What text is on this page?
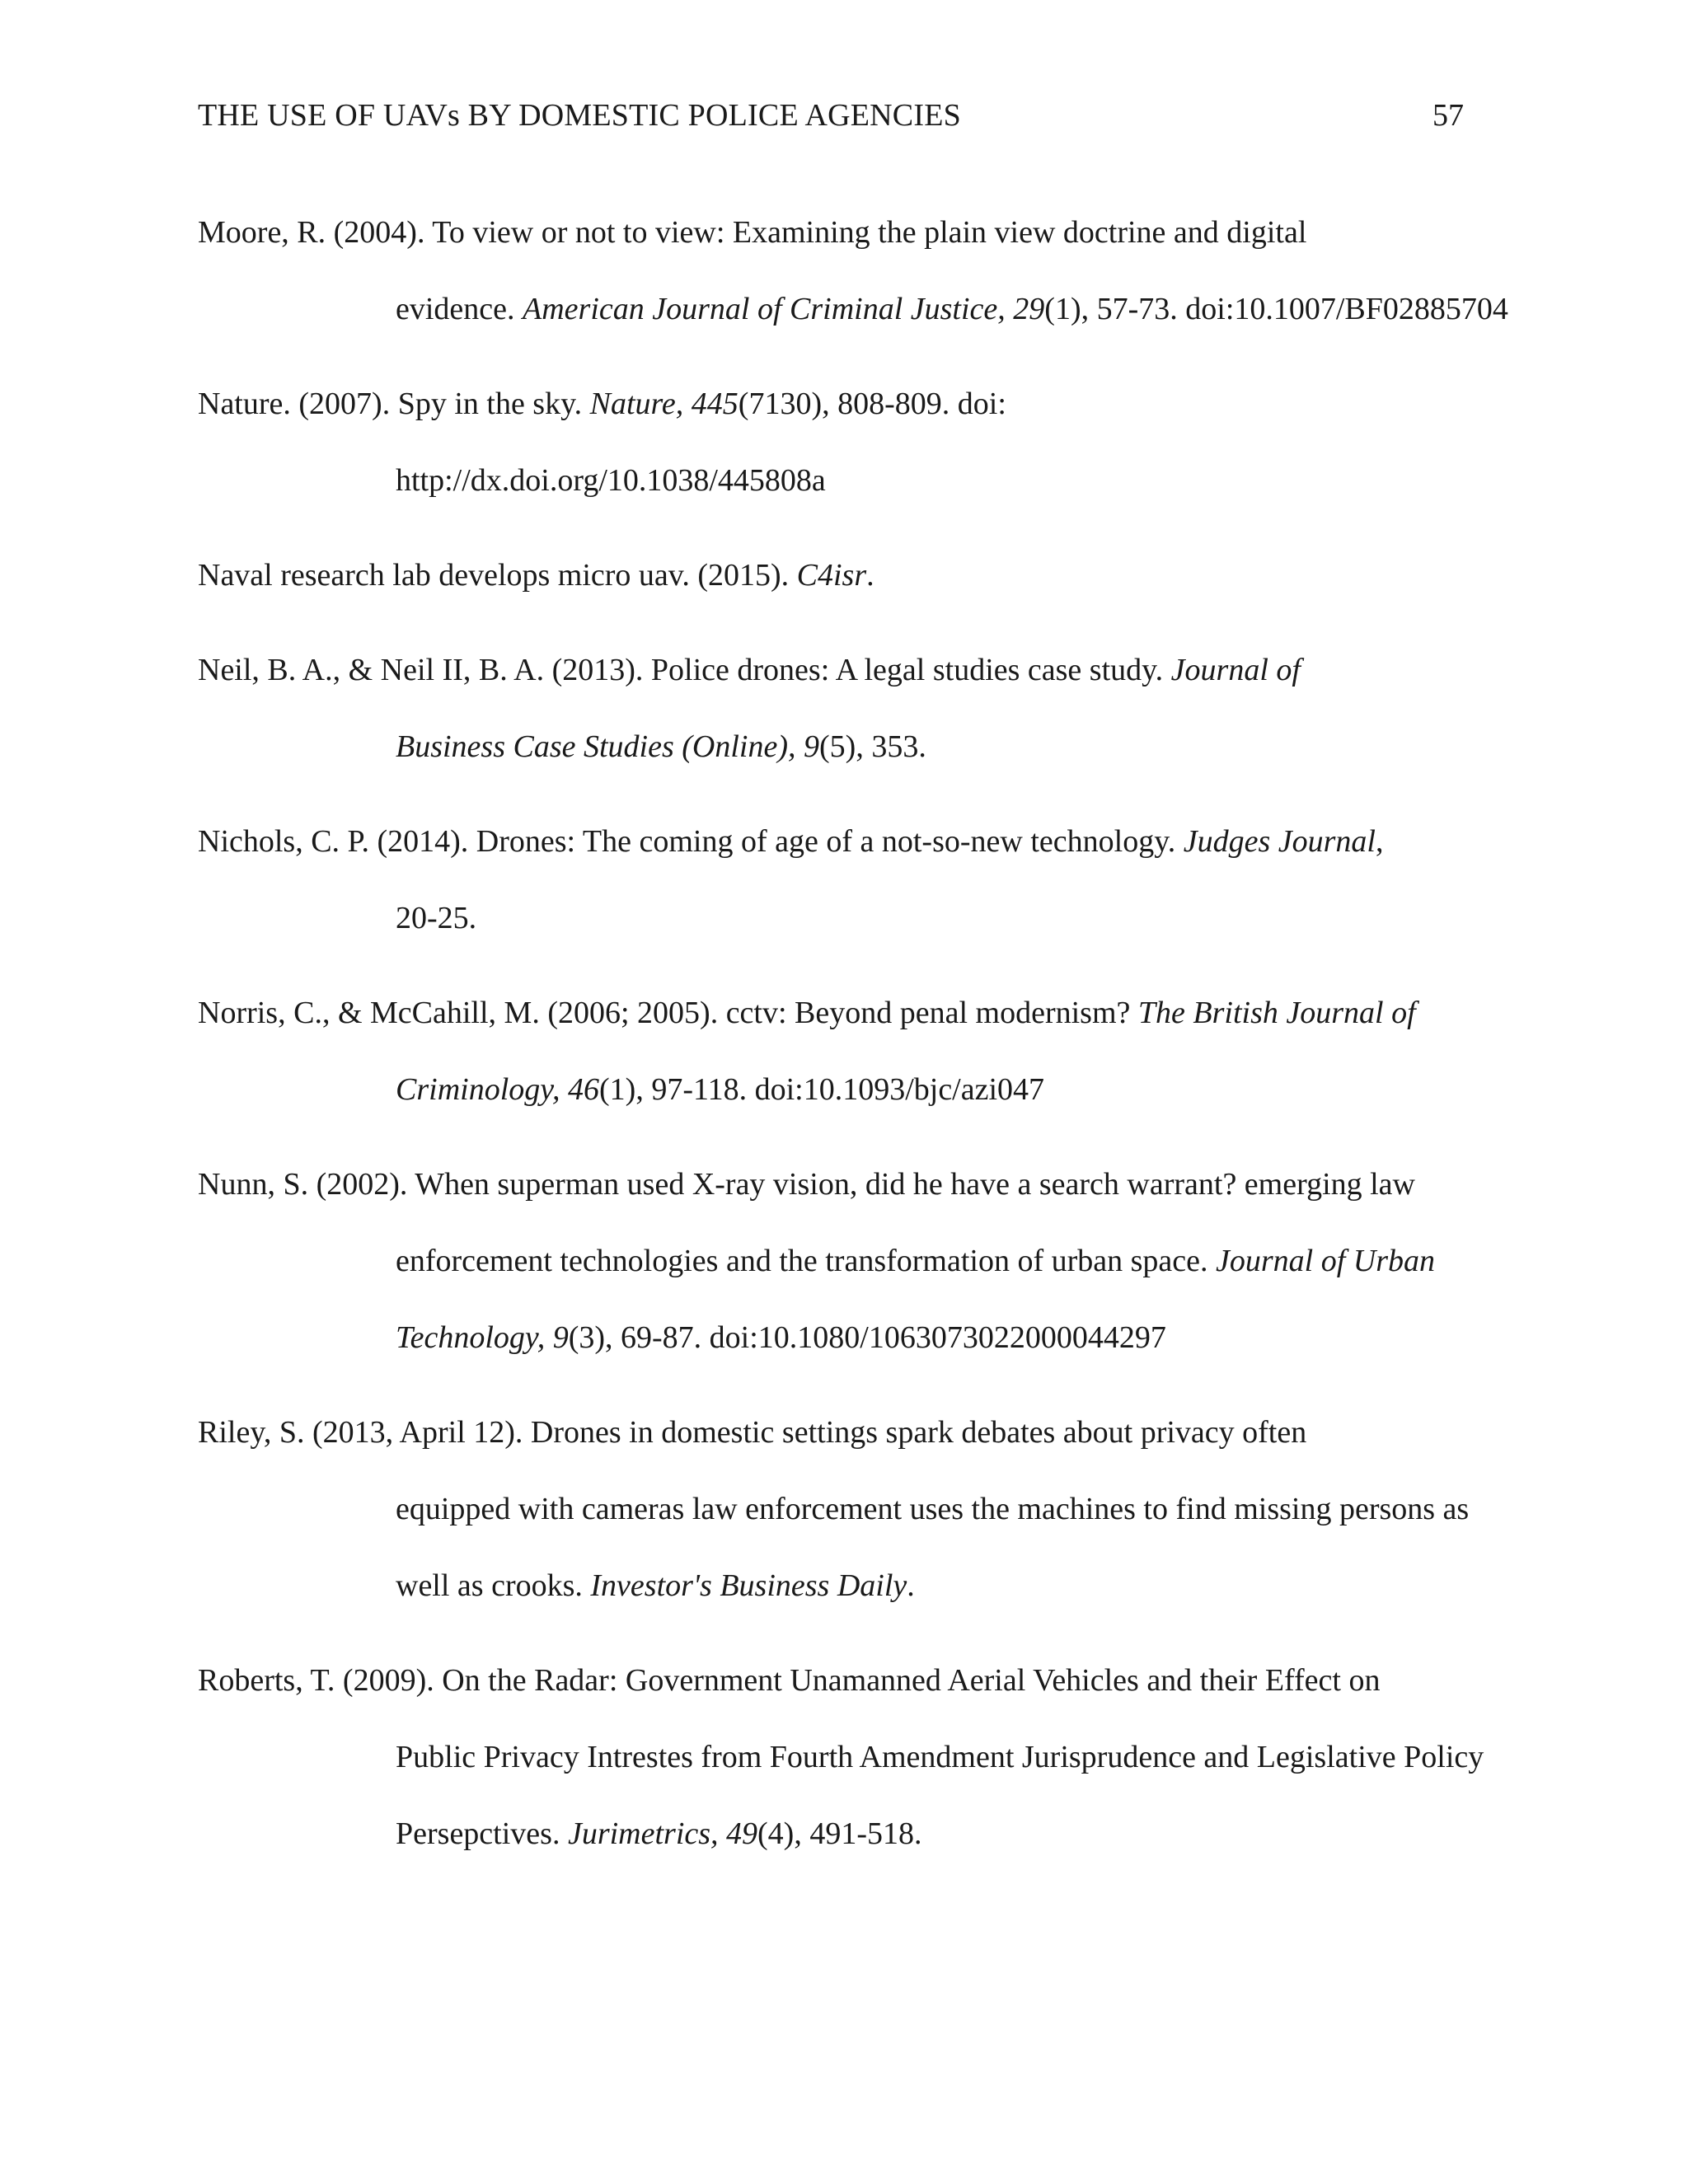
THE USE OF UAVs BY DOMESTIC POLICE AGENCIES	57
Moore, R. (2004). To view or not to view: Examining the plain view doctrine and digital
evidence. American Journal of Criminal Justice, 29(1), 57-73. doi:10.1007/BF02885704
Nature. (2007). Spy in the sky. Nature, 445(7130), 808-809. doi:
http://dx.doi.org/10.1038/445808a
Naval research lab develops micro uav. (2015). C4isr.
Neil, B. A., & Neil II, B. A. (2013). Police drones: A legal studies case study. Journal of
Business Case Studies (Online), 9(5), 353.
Nichols, C. P. (2014). Drones: The coming of age of a not-so-new technology. Judges Journal,
20-25.
Norris, C., & McCahill, M. (2006; 2005). cctv: Beyond penal modernism? The British Journal of
Criminology, 46(1), 97-118. doi:10.1093/bjc/azi047
Nunn, S. (2002). When superman used X-ray vision, did he have a search warrant? emerging law
enforcement technologies and the transformation of urban space. Journal of Urban
Technology, 9(3), 69-87. doi:10.1080/1063073022000044297
Riley, S. (2013, April 12). Drones in domestic settings spark debates about privacy often
equipped with cameras law enforcement uses the machines to find missing persons as
well as crooks. Investor's Business Daily.
Roberts, T. (2009). On the Radar: Government Unamanned Aerial Vehicles and their Effect on
Public Privacy Intrestes from Fourth Amendment Jurisprudence and Legislative Policy
Persepctives. Jurimetrics, 49(4), 491-518.
